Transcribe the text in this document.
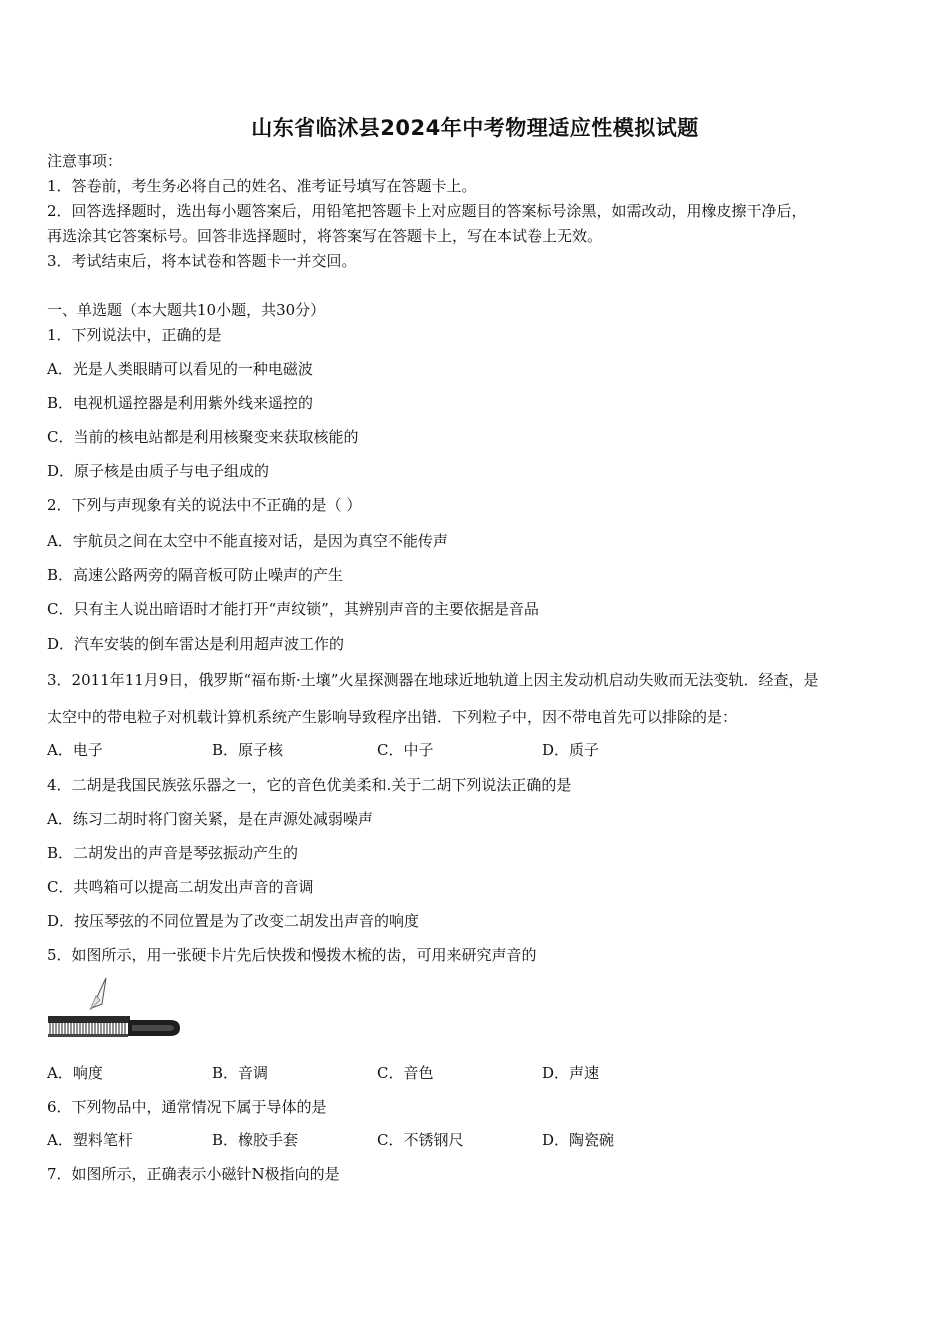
山东省临沭县2024年中考物理适应性模拟试题
注意事项：
1．答卷前，考生务必将自己的姓名、准考证号填写在答题卡上。
2．回答选择题时，选出每小题答案后，用铅笔把答题卡上对应题目的答案标号涂黑，如需改动，用橡皮擦干净后，
再选涂其它答案标号。回答非选择题时，将答案写在答题卡上，写在本试卷上无效。
3．考试结束后，将本试卷和答题卡一并交回。
一、单选题（本大题共10小题，共30分）
1．下列说法中，正确的是
A．光是人类眼睛可以看见的一种电磁波
B．电视机遥控器是利用紫外线来遥控的
C．当前的核电站都是利用核聚变来获取核能的
D．原子核是由质子与电子组成的
2．下列与声现象有关的说法中不正确的是（ ）
A．宇航员之间在太空中不能直接对话，是因为真空不能传声
B．高速公路两旁的隔音板可防止噪声的产生
C．只有主人说出暗语时才能打开“声纹锁”，其辨别声音的主要依据是音品
D．汽车安装的倒车雷达是利用超声波工作的
3．2011年11月9日，俄罗斯“福布斯·土壤”火星探测器在地球近地轨道上因主发动机启动失败而无法变轨．经查，是
太空中的带电粒子对机载计算机系统产生影响导致程序出错．下列粒子中，因不带电首先可以排除的是：
A．电子	B．原子核	C．中子	D．质子
4．二胡是我国民族弦乐器之一，它的音色优美柔和.关于二胡下列说法正确的是
A．练习二胡时将门窗关紧，是在声源处减弱噪声
B．二胡发出的声音是琴弦振动产生的
C．共鸣箱可以提高二胡发出声音的音调
D．按压琴弦的不同位置是为了改变二胡发出声音的响度
5．如图所示，用一张硬卡片先后快拨和慢拨木梳的齿，可用来研究声音的
A．响度	B．音调	C．音色	D．声速
6．下列物品中，通常情况下属于导体的是
A．塑料笔杆	B．橡胶手套	C．不锈钢尺	D．陶瓷碗
7．如图所示，正确表示小磁针N极指向的是
